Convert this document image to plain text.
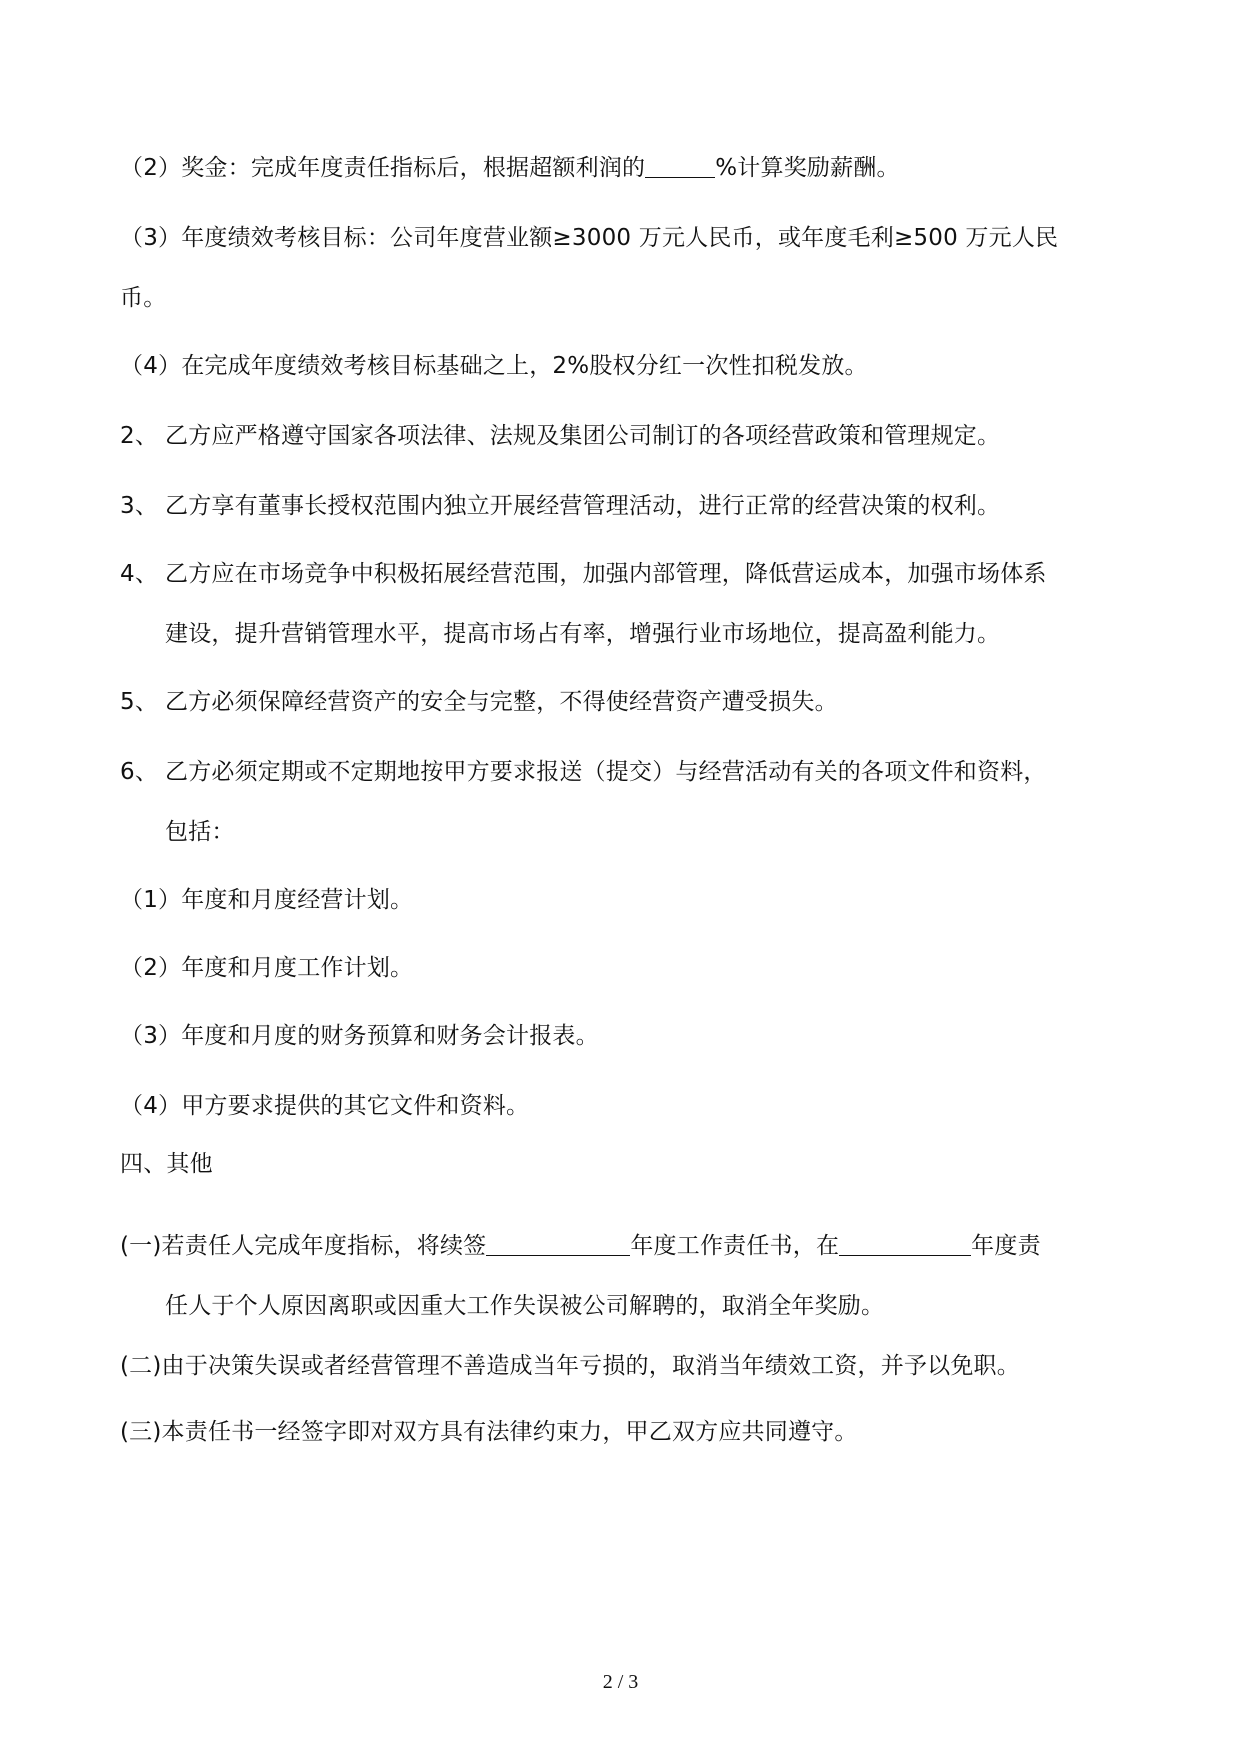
（2）奖金：完成年度责任指标后，根据超额利润的	%计算奖励薪酬。
（3）年度绩效考核目标：公司年度营业额≥3000 万元人民币，或年度毛利≥500 万元人民
币。
（4）在完成年度绩效考核目标基础之上，2%股权分红一次性扣税发放。
2、 乙方应严格遵守国家各项法律、法规及集团公司制订的各项经营政策和管理规定。
3、 乙方享有董事长授权范围内独立开展经营管理活动，进行正常的经营决策的权利。
4、 乙方应在市场竞争中积极拓展经营范围，加强内部管理，降低营运成本，加强市场体系
建设，提升营销管理水平，提高市场占有率，增强行业市场地位，提高盈利能力。
5、 乙方必须保障经营资产的安全与完整，不得使经营资产遭受损失。
6、 乙方必须定期或不定期地按甲方要求报送（提交）与经营活动有关的各项文件和资料，
包括：
（1）年度和月度经营计划。
（2）年度和月度工作计划。
（3）年度和月度的财务预算和财务会计报表。
（4）甲方要求提供的其它文件和资料。
四、其他
(一)若责任人完成年度指标，将续签	年度工作责任书，在	年度责
任人于个人原因离职或因重大工作失误被公司解聘的，取消全年奖励。
(二)由于决策失误或者经营管理不善造成当年亏损的，取消当年绩效工资，并予以免职。
(三)本责任书一经签字即对双方具有法律约束力，甲乙双方应共同遵守。
2 / 3
